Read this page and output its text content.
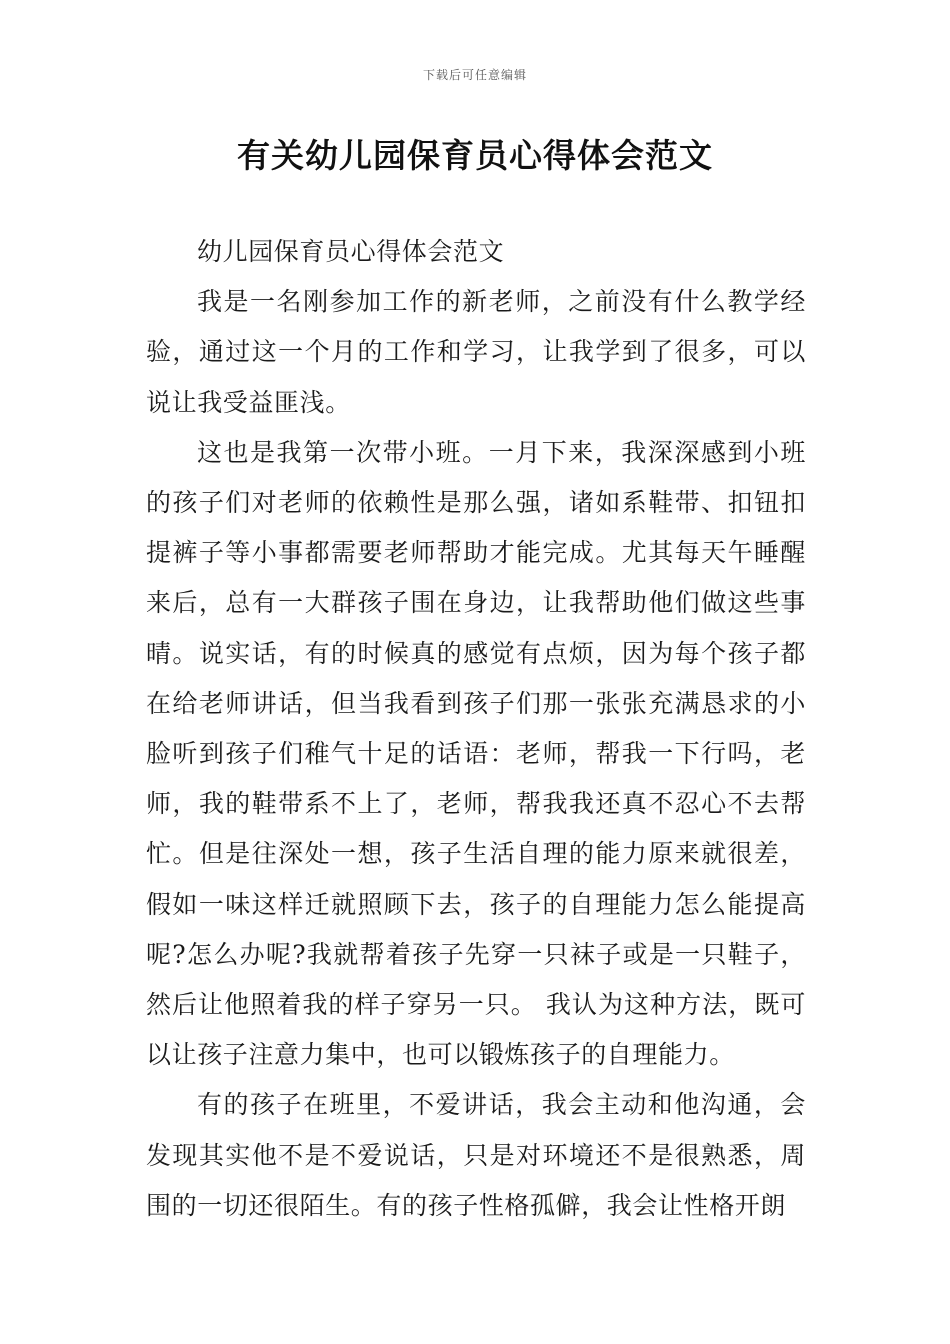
下载后可任意编辑
有关幼儿园保育员心得体会范文

幼儿园保育员心得体会范文

我是一名刚参加工作的新老师，之前没有什么教学经验，通过这一个月的工作和学习，让我学到了很多，可以说让我受益匪浅。

这也是我第一次带小班。一月下来，我深深感到小班的孩子们对老师的依赖性是那么强，诸如系鞋带、扣钮扣提裤子等小事都需要老师帮助才能完成。尤其每天午睡醒来后，总有一大群孩子围在身边，让我帮助他们做这些事晴。说实话，有的时候真的感觉有点烦，因为每个孩子都在给老师讲话，但当我看到孩子们那一张张充满恳求的小脸听到孩子们稚气十足的话语：老师，帮我一下行吗，老师，我的鞋带系不上了，老师，帮我我还真不忍心不去帮忙。但是往深处一想，孩子生活自理的能力原来就很差，假如一味这样迁就照顾下去，孩子的自理能力怎么能提高呢?怎么办呢?我就帮着孩子先穿一只袜子或是一只鞋子，然后让他照着我的样子穿另一只。 我认为这种方法，既可以让孩子注意力集中，也可以锻炼孩子的自理能力。

有的孩子在班里，不爱讲话，我会主动和他沟通，会发现其实他不是不爱说话，只是对环境还不是很熟悉，周围的一切还很陌生。有的孩子性格孤僻，我会让性格开朗
